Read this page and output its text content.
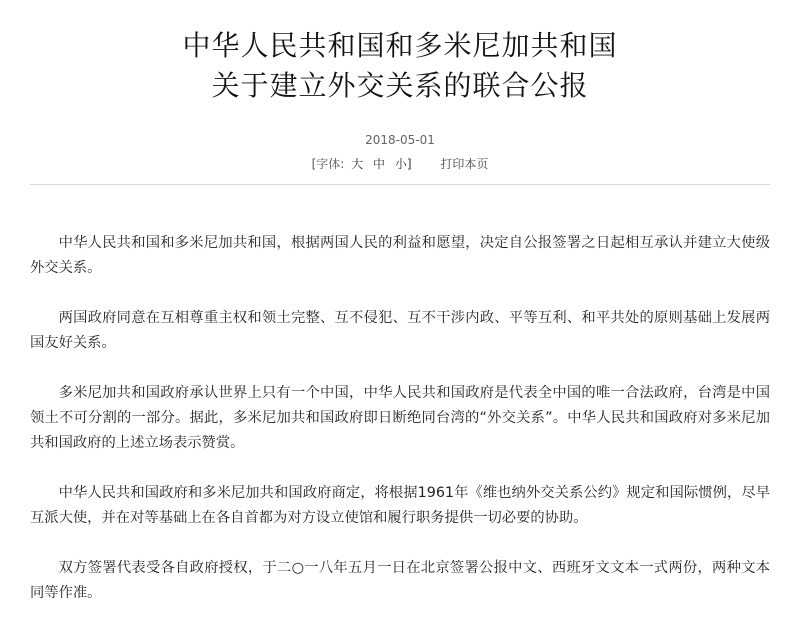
中华人民共和国和多米尼加共和国
关于建立外交关系的联合公报
2018-05-01
[字体: 大 中 小] 打印本页

中华人民共和国和多米尼加共和国，根据两国人民的利益和愿望，决定自公报签署之日起相互承认并建立大使级外交关系。

两国政府同意在互相尊重主权和领土完整、互不侵犯、互不干涉内政、平等互利、和平共处的原则基础上发展两国友好关系。

多米尼加共和国政府承认世界上只有一个中国，中华人民共和国政府是代表全中国的唯一合法政府，台湾是中国领土不可分割的一部分。据此，多米尼加共和国政府即日断绝同台湾的“外交关系”。中华人民共和国政府对多米尼加共和国政府的上述立场表示赞赏。

中华人民共和国政府和多米尼加共和国政府商定，将根据1961年《维也纳外交关系公约》规定和国际惯例，尽早互派大使，并在对等基础上在各自首都为对方设立使馆和履行职务提供一切必要的协助。

双方签署代表受各自政府授权，于二○一八年五月一日在北京签署公报中文、西班牙文文本一式两份，两种文本同等作准。
